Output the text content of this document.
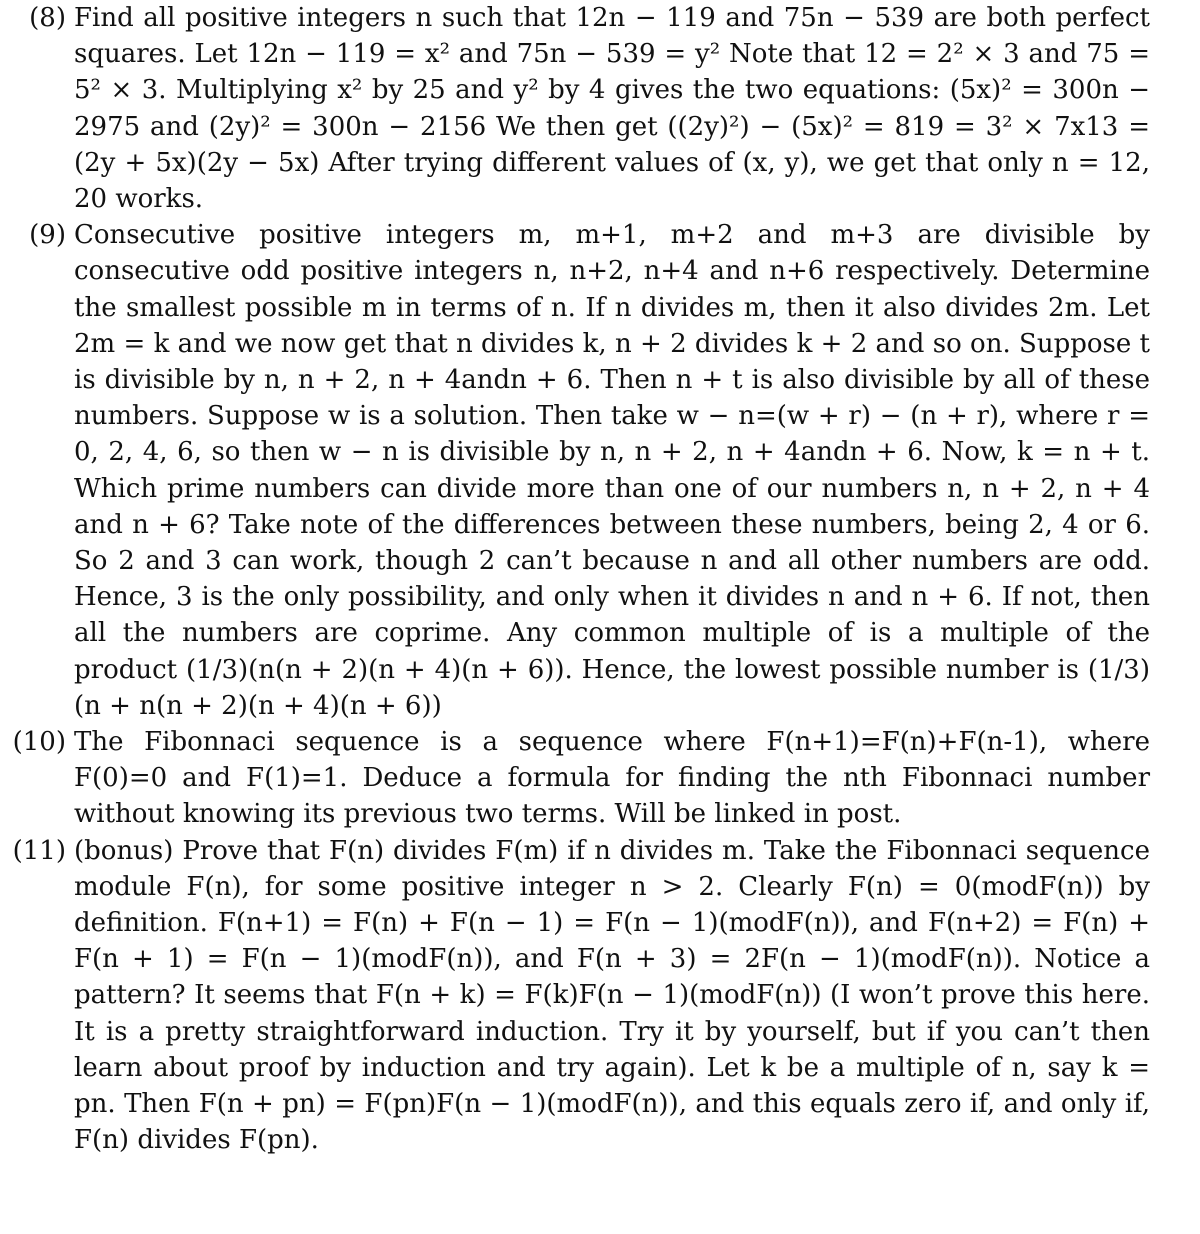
(8) Find all positive integers n such that 12n − 119 and 75n − 539 are both perfect squares. Let 12n − 119 = x² and 75n − 539 = y² Note that 12 = 2² × 3 and 75 = 5² × 3. Multiplying x² by 25 and y² by 4 gives the two equations: (5x)² = 300n − 2975 and (2y)² = 300n − 2156 We then get ((2y)²) − (5x)² = 819 = 3² × 7x13 = (2y + 5x)(2y − 5x) After trying different values of (x, y), we get that only n = 12, 20 works.

(9) Consecutive positive integers m, m+1, m+2 and m+3 are divisible by consecutive odd positive integers n, n+2, n+4 and n+6 respectively. Determine the smallest possible m in terms of n. If n divides m, then it also divides 2m. Let 2m = k and we now get that n divides k, n + 2 divides k + 2 and so on. Suppose t is divisible by n, n + 2, n + 4andn + 6. Then n + t is also divisible by all of these numbers. Suppose w is a solution. Then take w − n=(w + r) − (n + r), where r = 0, 2, 4, 6, so then w − n is divisible by n, n + 2, n + 4andn + 6. Now, k = n + t. Which prime numbers can divide more than one of our numbers n, n + 2, n + 4 and n + 6? Take note of the differences between these numbers, being 2, 4 or 6. So 2 and 3 can work, though 2 can’t because n and all other numbers are odd. Hence, 3 is the only possibility, and only when it divides n and n + 6. If not, then all the numbers are coprime. Any common multiple of is a multiple of the product (1/3)(n(n + 2)(n + 4)(n + 6)). Hence, the lowest possible number is (1/3)(n + n(n + 2)(n + 4)(n + 6))

(10) The Fibonnaci sequence is a sequence where F(n+1)=F(n)+F(n-1), where F(0)=0 and F(1)=1. Deduce a formula for finding the nth Fibonnaci number without knowing its previous two terms. Will be linked in post.

(11) (bonus) Prove that F(n) divides F(m) if n divides m. Take the Fibonnaci sequence module F(n), for some positive integer n > 2. Clearly F(n) = 0(modF(n)) by definition. F(n+1) = F(n) + F(n − 1) = F(n − 1)(modF(n)), and F(n+2) = F(n) + F(n + 1) = F(n − 1)(modF(n)), and F(n + 3) = 2F(n − 1)(modF(n)). Notice a pattern? It seems that F(n + k) = F(k)F(n − 1)(modF(n)) (I won’t prove this here. It is a pretty straightforward induction. Try it by yourself, but if you can’t then learn about proof by induction and try again). Let k be a multiple of n, say k = pn. Then F(n + pn) = F(pn)F(n − 1)(modF(n)), and this equals zero if, and only if, F(n) divides F(pn).
